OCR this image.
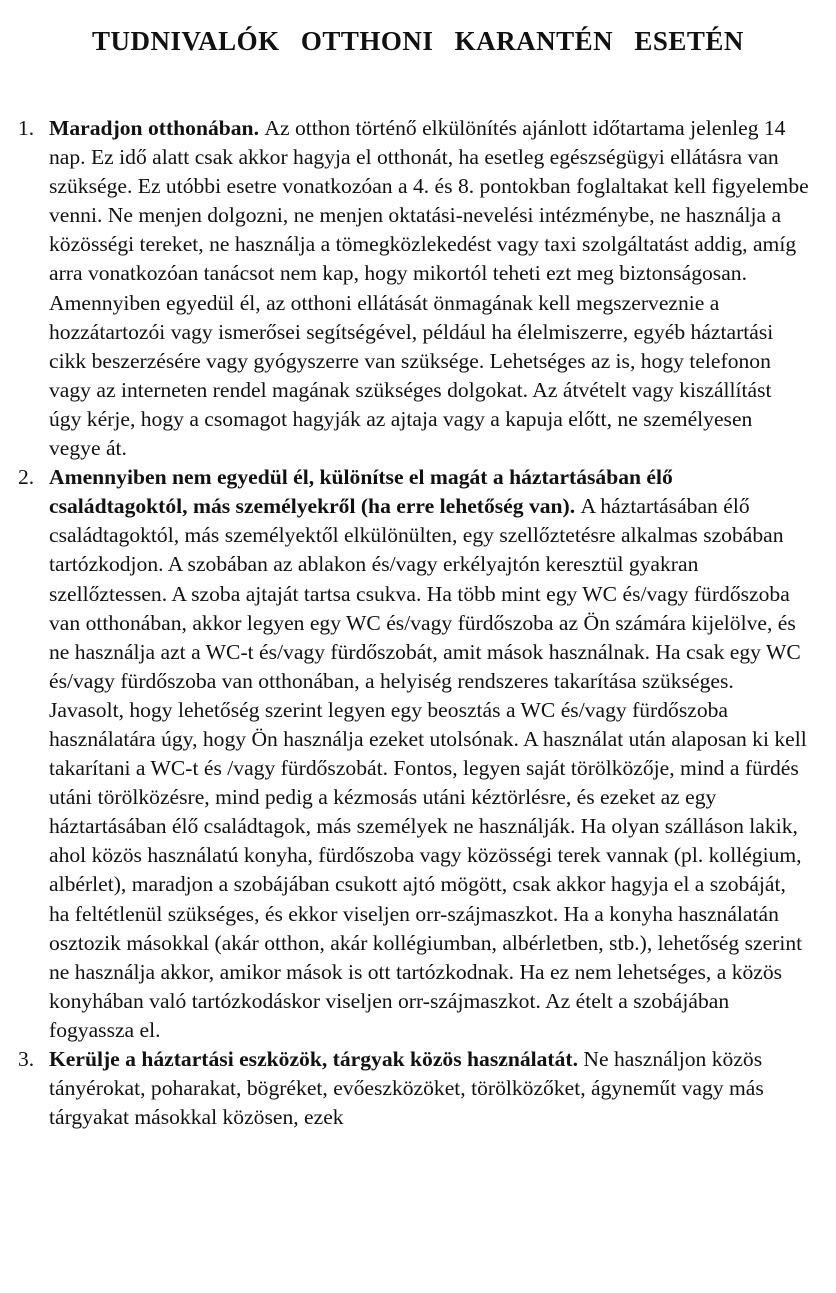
TUDNIVALÓK OTTHONI KARANTÉN ESETÉN
1. Maradjon otthonában. Az otthon történő elkülönítés ajánlott időtartama jelenleg 14 nap. Ez idő alatt csak akkor hagyja el otthonát, ha esetleg egészségügyi ellátásra van szüksége. Ez utóbbi esetre vonatkozóan a 4. és 8. pontokban foglaltakat kell figyelembe venni. Ne menjen dolgozni, ne menjen oktatási-nevelési intézménybe, ne használja a közösségi tereket, ne használja a tömegközlekedést vagy taxi szolgáltatást addig, amíg arra vonatkozóan tanácsot nem kap, hogy mikortól teheti ezt meg biztonságosan. Amennyiben egyedül él, az otthoni ellátását önmagának kell megszerveznie a hozzátartozói vagy ismerősei segítségével, például ha élelmiszerre, egyéb háztartási cikk beszerzésére vagy gyógyszerre van szüksége. Lehetséges az is, hogy telefonon vagy az interneten rendel magának szükséges dolgokat. Az átvételt vagy kiszállítást úgy kérje, hogy a csomagot hagyják az ajtaja vagy a kapuja előtt, ne személyesen vegye át.
2. Amennyiben nem egyedül él, különítse el magát a háztartásában élő családtagoktól, más személyekről (ha erre lehetőség van). A háztartásában élő családtagoktól, más személyektől elkülönülten, egy szellőztetésre alkalmas szobában tartózkodjon. A szobában az ablakon és/vagy erkélyajtón keresztül gyakran szellőztessen. A szoba ajtaját tartsa csukva. Ha több mint egy WC és/vagy fürdőszoba van otthonában, akkor legyen egy WC és/vagy fürdőszoba az Ön számára kijelölve, és ne használja azt a WC-t és/vagy fürdőszobát, amit mások használnak. Ha csak egy WC és/vagy fürdőszoba van otthonában, a helyiség rendszeres takarítása szükséges. Javasolt, hogy lehetőség szerint legyen egy beosztás a WC és/vagy fürdőszoba használatára úgy, hogy Ön használja ezeket utolsónak. A használat után alaposan ki kell takarítani a WC-t és /vagy fürdőszobát. Fontos, legyen saját törölközője, mind a fürdés utáni törölközésre, mind pedig a kézmosás utáni kéztörlésre, és ezeket az egy háztartásában élő családtagok, más személyek ne használják. Ha olyan szálláson lakik, ahol közös használatú konyha, fürdőszoba vagy közösségi terek vannak (pl. kollégium, albérlet), maradjon a szobájában csukott ajtó mögött, csak akkor hagyja el a szobáját, ha feltétlenül szükséges, és ekkor viseljen orr-szájmaszkot. Ha a konyha használatán osztozik másokkal (akár otthon, akár kollégiumban, albérletben, stb.), lehetőség szerint ne használja akkor, amikor mások is ott tartózkodnak. Ha ez nem lehetséges, a közös konyhában való tartózkodáskor viseljen orr-szájmaszkot. Az ételt a szobájában fogyassza el.
3. Kerülje a háztartási eszközök, tárgyak közös használatát. Ne használjon közös tányérokat, poharakat, bögréket, evőeszközöket, törölközőket, ágyneműt vagy más tárgyakat másokkal közösen, ezek
